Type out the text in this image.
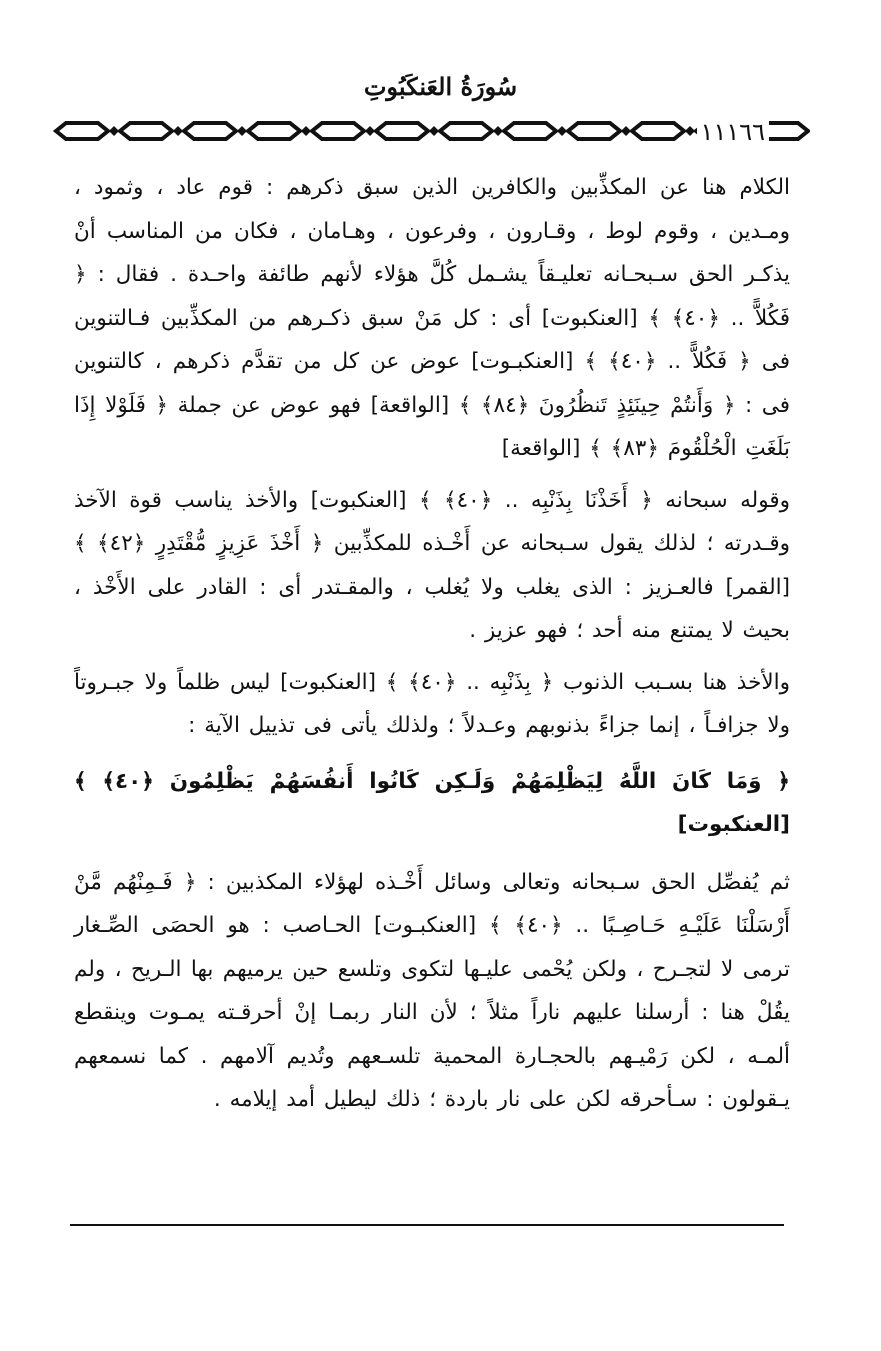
سُورَةُ العَنكَبُوتِ
١١١٦٦

الكلام هنا عن المكذِّبين والكافرين الذين سبق ذكرهم : قوم عاد ، وثمود ، ومـدين ، وقوم لوط ، وقـارون ، وفرعون ، وهـامان ، فكان من المناسب أنْ يذكـر الحق سـبحـانه تعليـقاً يشـمل كُلَّ هؤلاء لأنهم طائفة واحـدة . فقال : ﴿ فَكُلاًّ .. ﴿٤٠﴾ ﴾ [العنكبوت] أى : كل مَنْ سبق ذكـرهم من المكذِّبين فـالتنوين فى ﴿ فَكُلاًّ .. ﴿٤٠﴾ ﴾ [العنكبـوت] عوض عن كل من تقدَّم ذكرهم ، كالتنوين فى : ﴿ وَأَنتُمْ حِينَئِذٍ تَنظُرُونَ ﴿٨٤﴾ ﴾ [الواقعة] فهو عوض عن جملة ﴿ فَلَوْلا إِذَا بَلَغَتِ الْحُلْقُومَ ﴿٨٣﴾ ﴾ [الواقعة]

وقوله سبحانه ﴿ أَخَذْنَا بِذَنْبِه .. ﴿٤٠﴾ ﴾ [العنكبوت] والأخذ يناسب قوة الآخذ وقـدرته ؛ لذلك يقول سـبحانه عن أَخْـذه للمكذِّبين ﴿ أَخْذَ عَزِيزٍ مُّقْتَدِرٍ ﴿٤٢﴾ ﴾ [القمر] فالعـزيز : الذى يغلب ولا يُغلب ، والمقـتدر أى : القادر على الأَخْذ ، بحيث لا يمتنع منه أحد ؛ فهو عزيز .

والأخذ هنا بسـبب الذنوب ﴿ بِذَنْبِه .. ﴿٤٠﴾ ﴾ [العنكبوت] ليس ظلماً ولا جبـروتاً ولا جزافـاً ، إنما جزاءً بذنوبهم وعـدلاً ؛ ولذلك يأتى فى تذييل الآية :

﴿ وَمَا كَانَ اللَّهُ لِيَظْلِمَهُمْ وَلَـكِن كَانُوا أَنفُسَهُمْ يَظْلِمُونَ ﴿٤٠﴾ ﴾ [العنكبوت]

ثم يُفصِّل الحق سـبحانه وتعالى وسائل أَخْـذه لهؤلاء المكذبين : ﴿ فَـمِنْهُم مَّنْ أَرْسَلْنَا عَلَيْـهِ حَـاصِـبًا .. ﴿٤٠﴾ ﴾ [العنكبـوت] الحـاصب : هو الحصَى الصِّـغار ترمى لا لتجـرح ، ولكن يُحْمى عليـها لتكوى وتلسع حين يرميهم بها الـريح ، ولم يقُلْ هنا : أرسلنا عليهم ناراً مثلاً ؛ لأن النار ربمـا إنْ أحرقـته يمـوت وينقطع ألمـه ، لكن رَمْيـهم بالحجـارة المحمية تلسـعهم وتُديم آلامهم . كما نسمعهم يـقولون : سـأحرقه لكن على نار باردة ؛ ذلك ليطيل أمد إيلامه .
